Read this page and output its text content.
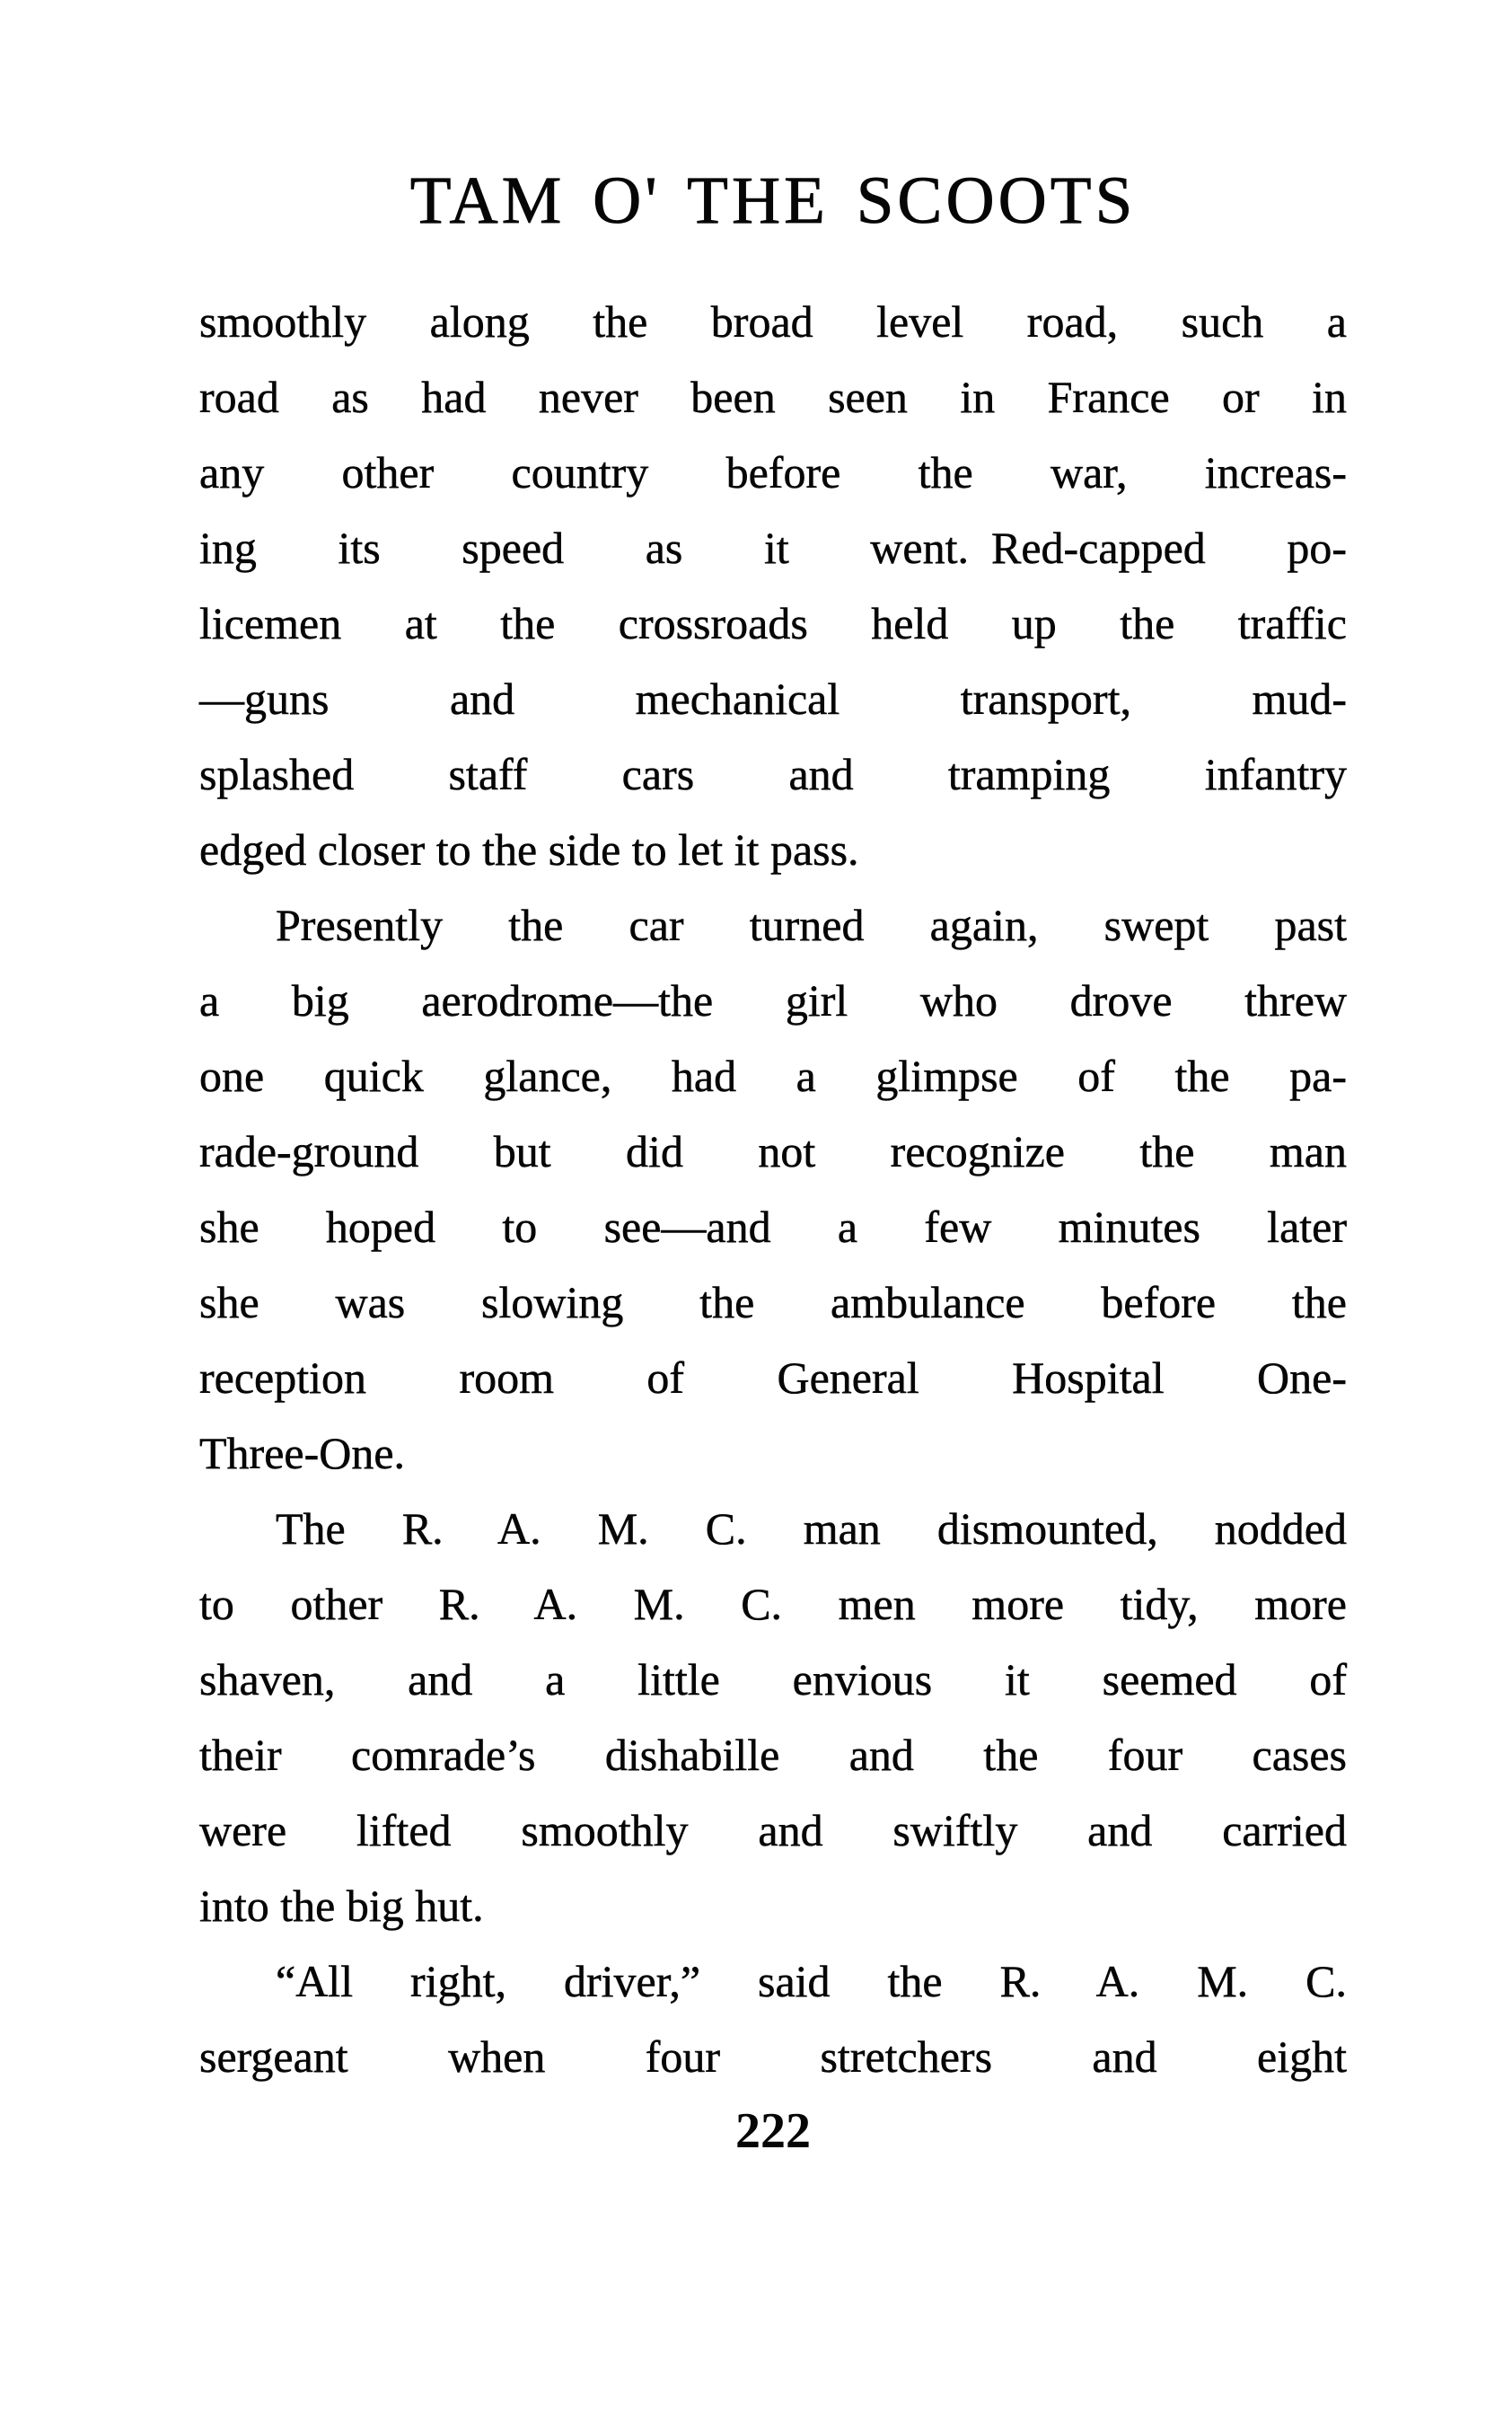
TAM O' THE SCOOTS
smoothly along the broad level road, such a
road as had never been seen in France or in
any other country before the war, increas-
ing its speed as it went. Red-capped po-
licemen at the crossroads held up the traffic
—guns and mechanical transport, mud-
splashed staff cars and tramping infantry
edged closer to the side to let it pass.
Presently the car turned again, swept past
a big aerodrome—the girl who drove threw
one quick glance, had a glimpse of the pa-
rade-ground but did not recognize the man
she hoped to see—and a few minutes later
she was slowing the ambulance before the
reception room of General Hospital One-
Three-One.
The R. A. M. C. man dismounted, nodded
to other R. A. M. C. men more tidy, more
shaven, and a little envious it seemed of
their comrade’s dishabille and the four cases
were lifted smoothly and swiftly and carried
into the big hut.
“All right, driver,” said the R. A. M. C.
sergeant when four stretchers and eight
222
